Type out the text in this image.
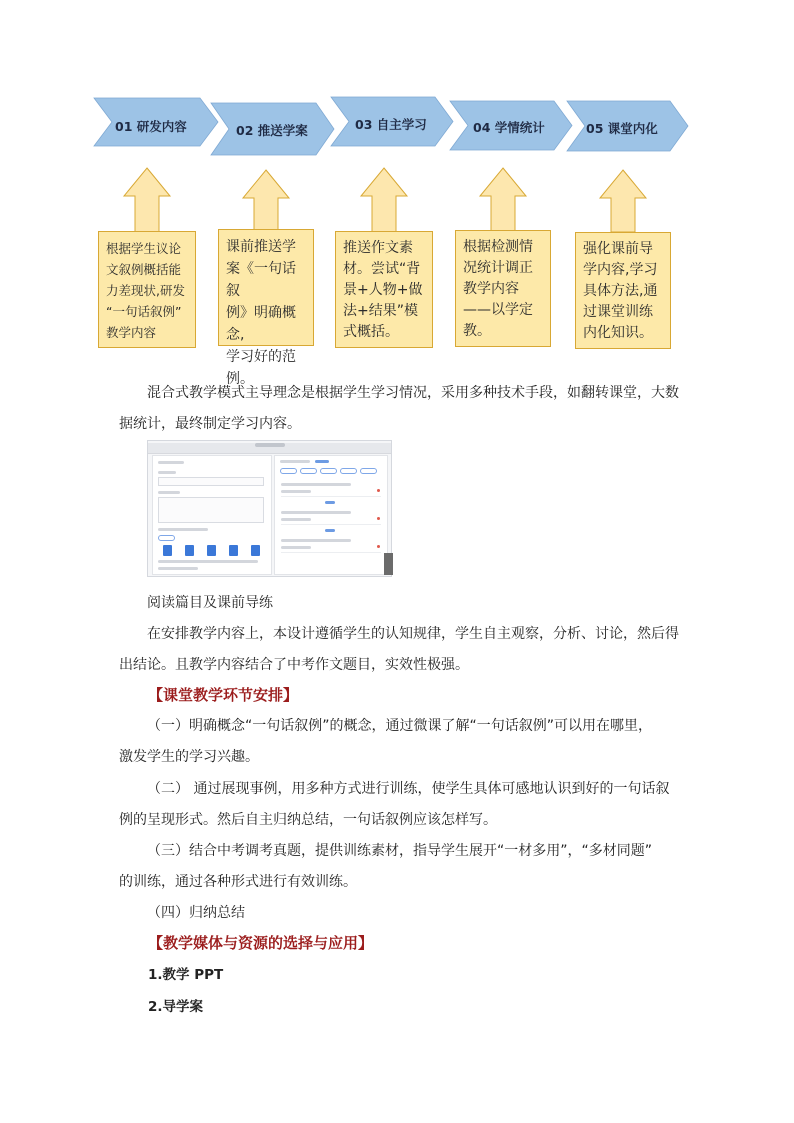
01 研发内容	02 推送学案	03 自主学习	04 学情统计	05 课堂内化
根据学生议论
文叙例概括能
力差现状,研发
“一句话叙例”
教学内容
课前推送学
案《一句话叙
例》明确概念,
学习好的范
例。
推送作文素
材。尝试“背
景+人物+做
法+结果”模
式概括。
根据检测情
况统计调正
教学内容
——以学定
教。
强化课前导
学内容,学习
具体方法,通
过课堂训练
内化知识。
混合式教学模式主导理念是根据学生学习情况，采用多种技术手段，如翻转课堂，大数
据统计，最终制定学习内容。
阅读篇目及课前导练
在安排教学内容上，本设计遵循学生的认知规律，学生自主观察，分析、讨论，然后得
出结论。且教学内容结合了中考作文题目，实效性极强。
【课堂教学环节安排】
（一）明确概念“一句话叙例”的概念，通过微课了解“一句话叙例”可以用在哪里，
激发学生的学习兴趣。
（二） 通过展现事例，用多种方式进行训练，使学生具体可感地认识到好的一句话叙
例的呈现形式。然后自主归纳总结，一句话叙例应该怎样写。
（三）结合中考调考真题，提供训练素材，指导学生展开“一材多用”，“多材同题”
的训练，通过各种形式进行有效训练。
（四）归纳总结
【教学媒体与资源的选择与应用】
1.教学 PPT
2.导学案
